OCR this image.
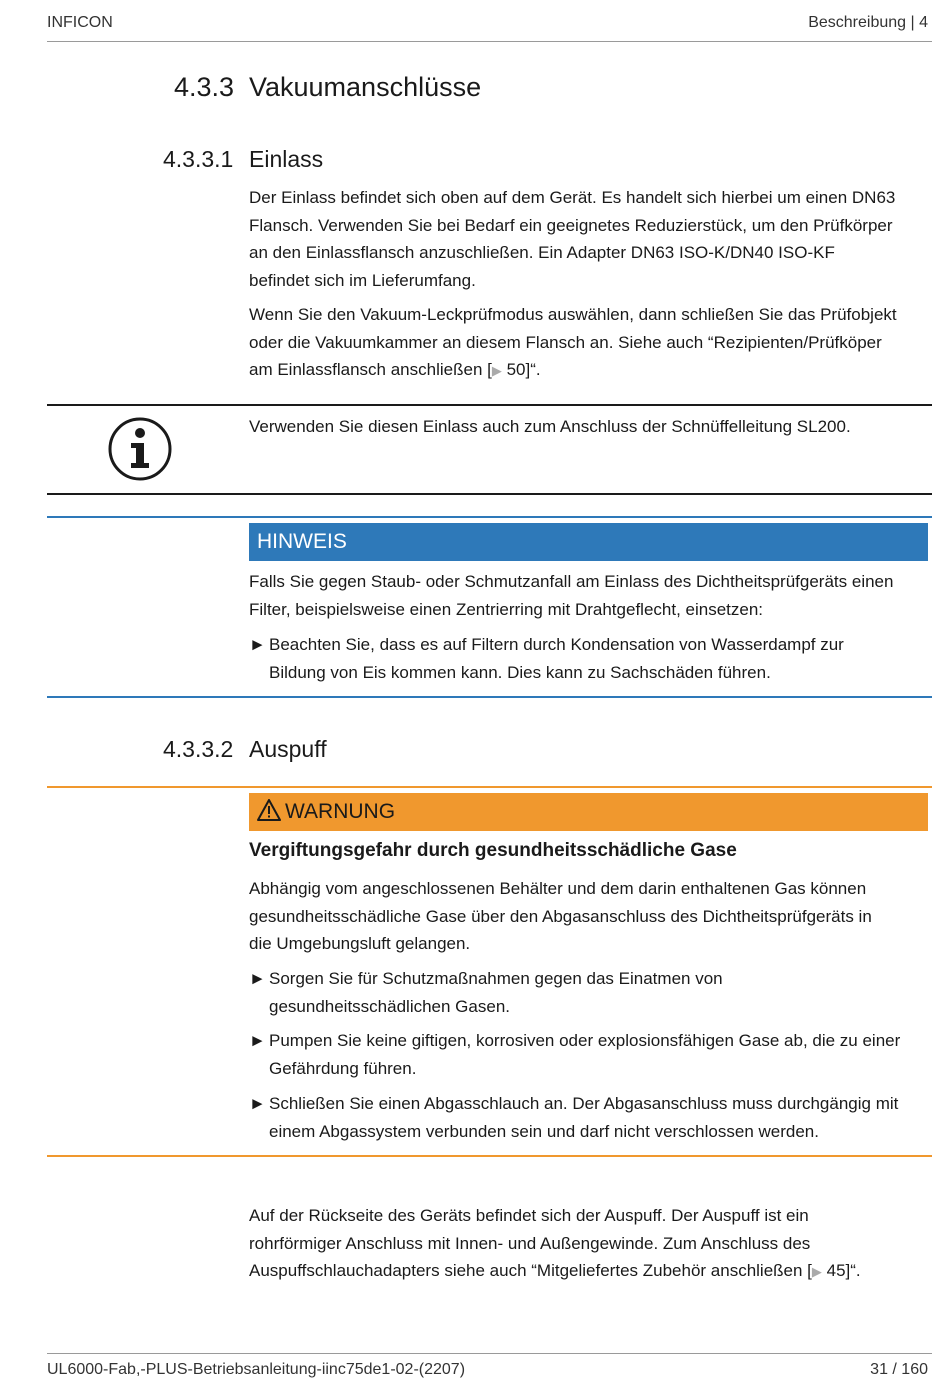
INFICON	Beschreibung | 4
4.3.3 Vakuumanschlüsse
4.3.3.1 Einlass
Der Einlass befindet sich oben auf dem Gerät. Es handelt sich hierbei um einen DN63
Flansch. Verwenden Sie bei Bedarf ein geeignetes Reduzierstück, um den Prüfkörper
an den Einlassflansch anzuschließen. Ein Adapter DN63 ISO-K/DN40 ISO-KF
befindet sich im Lieferumfang.
Wenn Sie den Vakuum-Leckprüfmodus auswählen, dann schließen Sie das Prüfobjekt
oder die Vakuumkammer an diesem Flansch an. Siehe auch “Rezipienten/Prüfköper
am Einlassflansch anschließen [▶ 50]“.
Verwenden Sie diesen Einlass auch zum Anschluss der Schnüffelleitung SL200.
HINWEIS
Falls Sie gegen Staub- oder Schmutzanfall am Einlass des Dichtheitsprüfgeräts einen
Filter, beispielsweise einen Zentrierring mit Drahtgeflecht, einsetzen:
► Beachten Sie, dass es auf Filtern durch Kondensation von Wasserdampf zur
Bildung von Eis kommen kann. Dies kann zu Sachschäden führen.
4.3.3.2 Auspuff
WARNUNG
Vergiftungsgefahr durch gesundheitsschädliche Gase
Abhängig vom angeschlossenen Behälter und dem darin enthaltenen Gas können
gesundheitsschädliche Gase über den Abgasanschluss des Dichtheitsprüfgeräts in
die Umgebungsluft gelangen.
► Sorgen Sie für Schutzmaßnahmen gegen das Einatmen von
gesundheitsschädlichen Gasen.
► Pumpen Sie keine giftigen, korrosiven oder explosionsfähigen Gase ab, die zu einer
Gefährdung führen.
► Schließen Sie einen Abgasschlauch an. Der Abgasanschluss muss durchgängig mit
einem Abgassystem verbunden sein und darf nicht verschlossen werden.
Auf der Rückseite des Geräts befindet sich der Auspuff. Der Auspuff ist ein
rohrförmiger Anschluss mit Innen- und Außengewinde. Zum Anschluss des
Auspuffschlauchadapters siehe auch “Mitgeliefertes Zubehör anschließen [▶ 45]“.
UL6000-Fab,-PLUS-Betriebsanleitung-iinc75de1-02-(2207)	31 / 160
